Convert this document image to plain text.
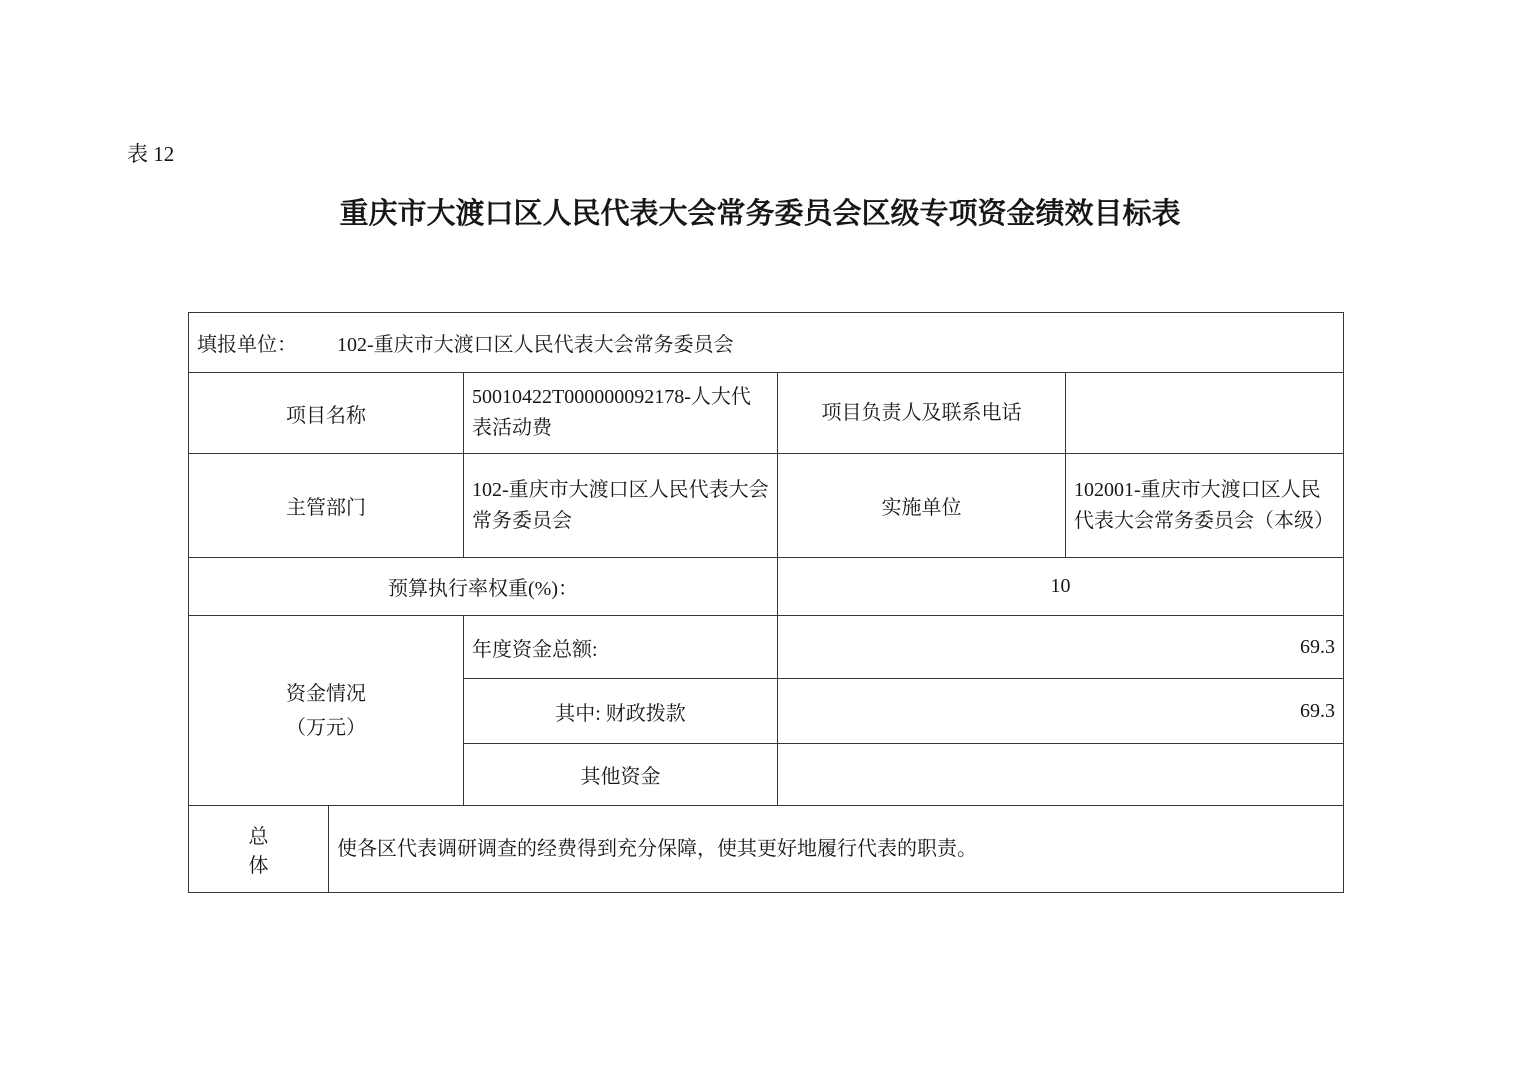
表 12
重庆市大渡口区人民代表大会常务委员会区级专项资金绩效目标表
填报单位： 102-重庆市大渡口区人民代表大会常务委员会				
项目名称		50010422T000000092178-人大代表活动费	项目负责人及联系电话	
主管部门		102-重庆市大渡口区人民代表大会常务委员会	实施单位	102001-重庆市大渡口区人民代表大会常务委员会（本级）
预算执行率权重(%)：			10	

资金情况
（万元）		年度资金总额:	69.3	
		其中: 财政拨款	69.3	
		其他资金		

总
体	使各区代表调研调查的经费得到充分保障，使其更好地履行代表的职责。			
